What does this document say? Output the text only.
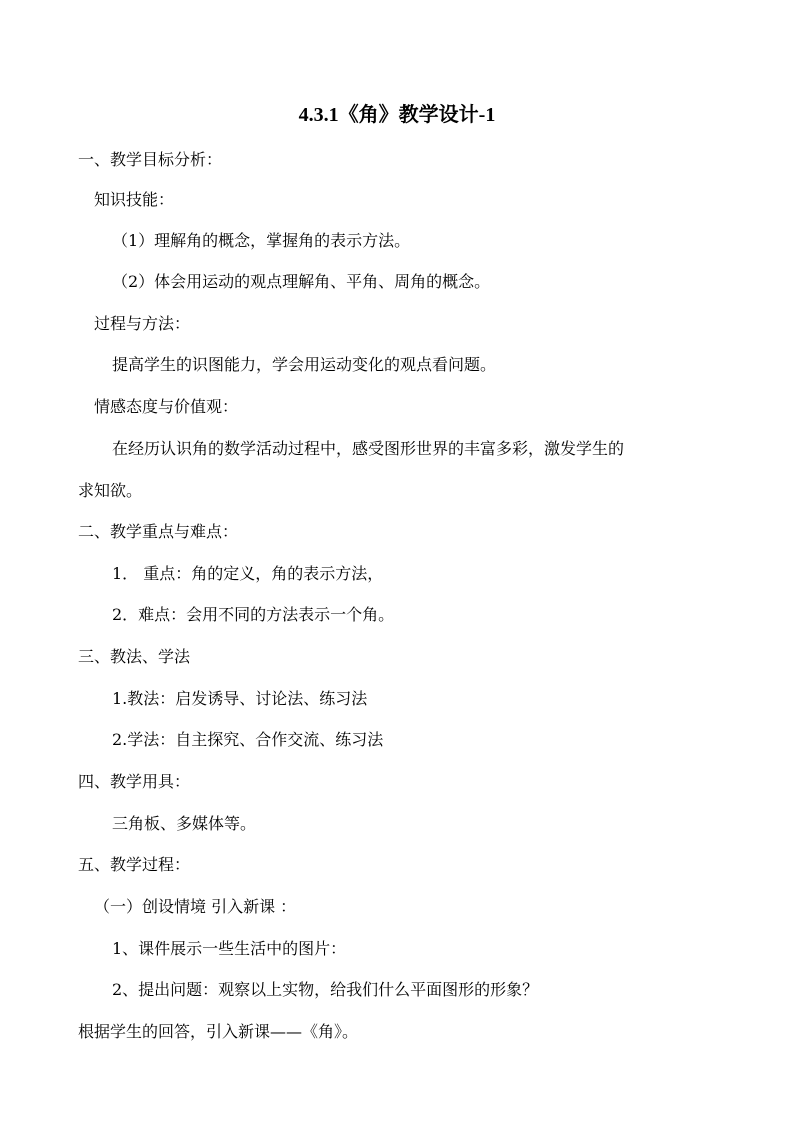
4.3.1《角》教学设计-1

一、教学目标分析：

知识技能：

（1）理解角的概念，掌握角的表示方法。

（2）体会用运动的观点理解角、平角、周角的概念。

过程与方法：

提高学生的识图能力，学会用运动变化的观点看问题。

情感态度与价值观：

在经历认识角的数学活动过程中，感受图形世界的丰富多彩，激发学生的

求知欲。

二、教学重点与难点：

1． 重点：角的定义，角的表示方法，

2．难点：会用不同的方法表示一个角。

三、教法、学法

1.教法：启发诱导、讨论法、练习法

2.学法：自主探究、合作交流、练习法

四、教学用具：

三角板、多媒体等。

五、教学过程：

（一）创设情境 引入新课 ：

1、课件展示一些生活中的图片：

2、提出问题：观察以上实物，给我们什么平面图形的形象？

根据学生的回答，引入新课——《角》。
